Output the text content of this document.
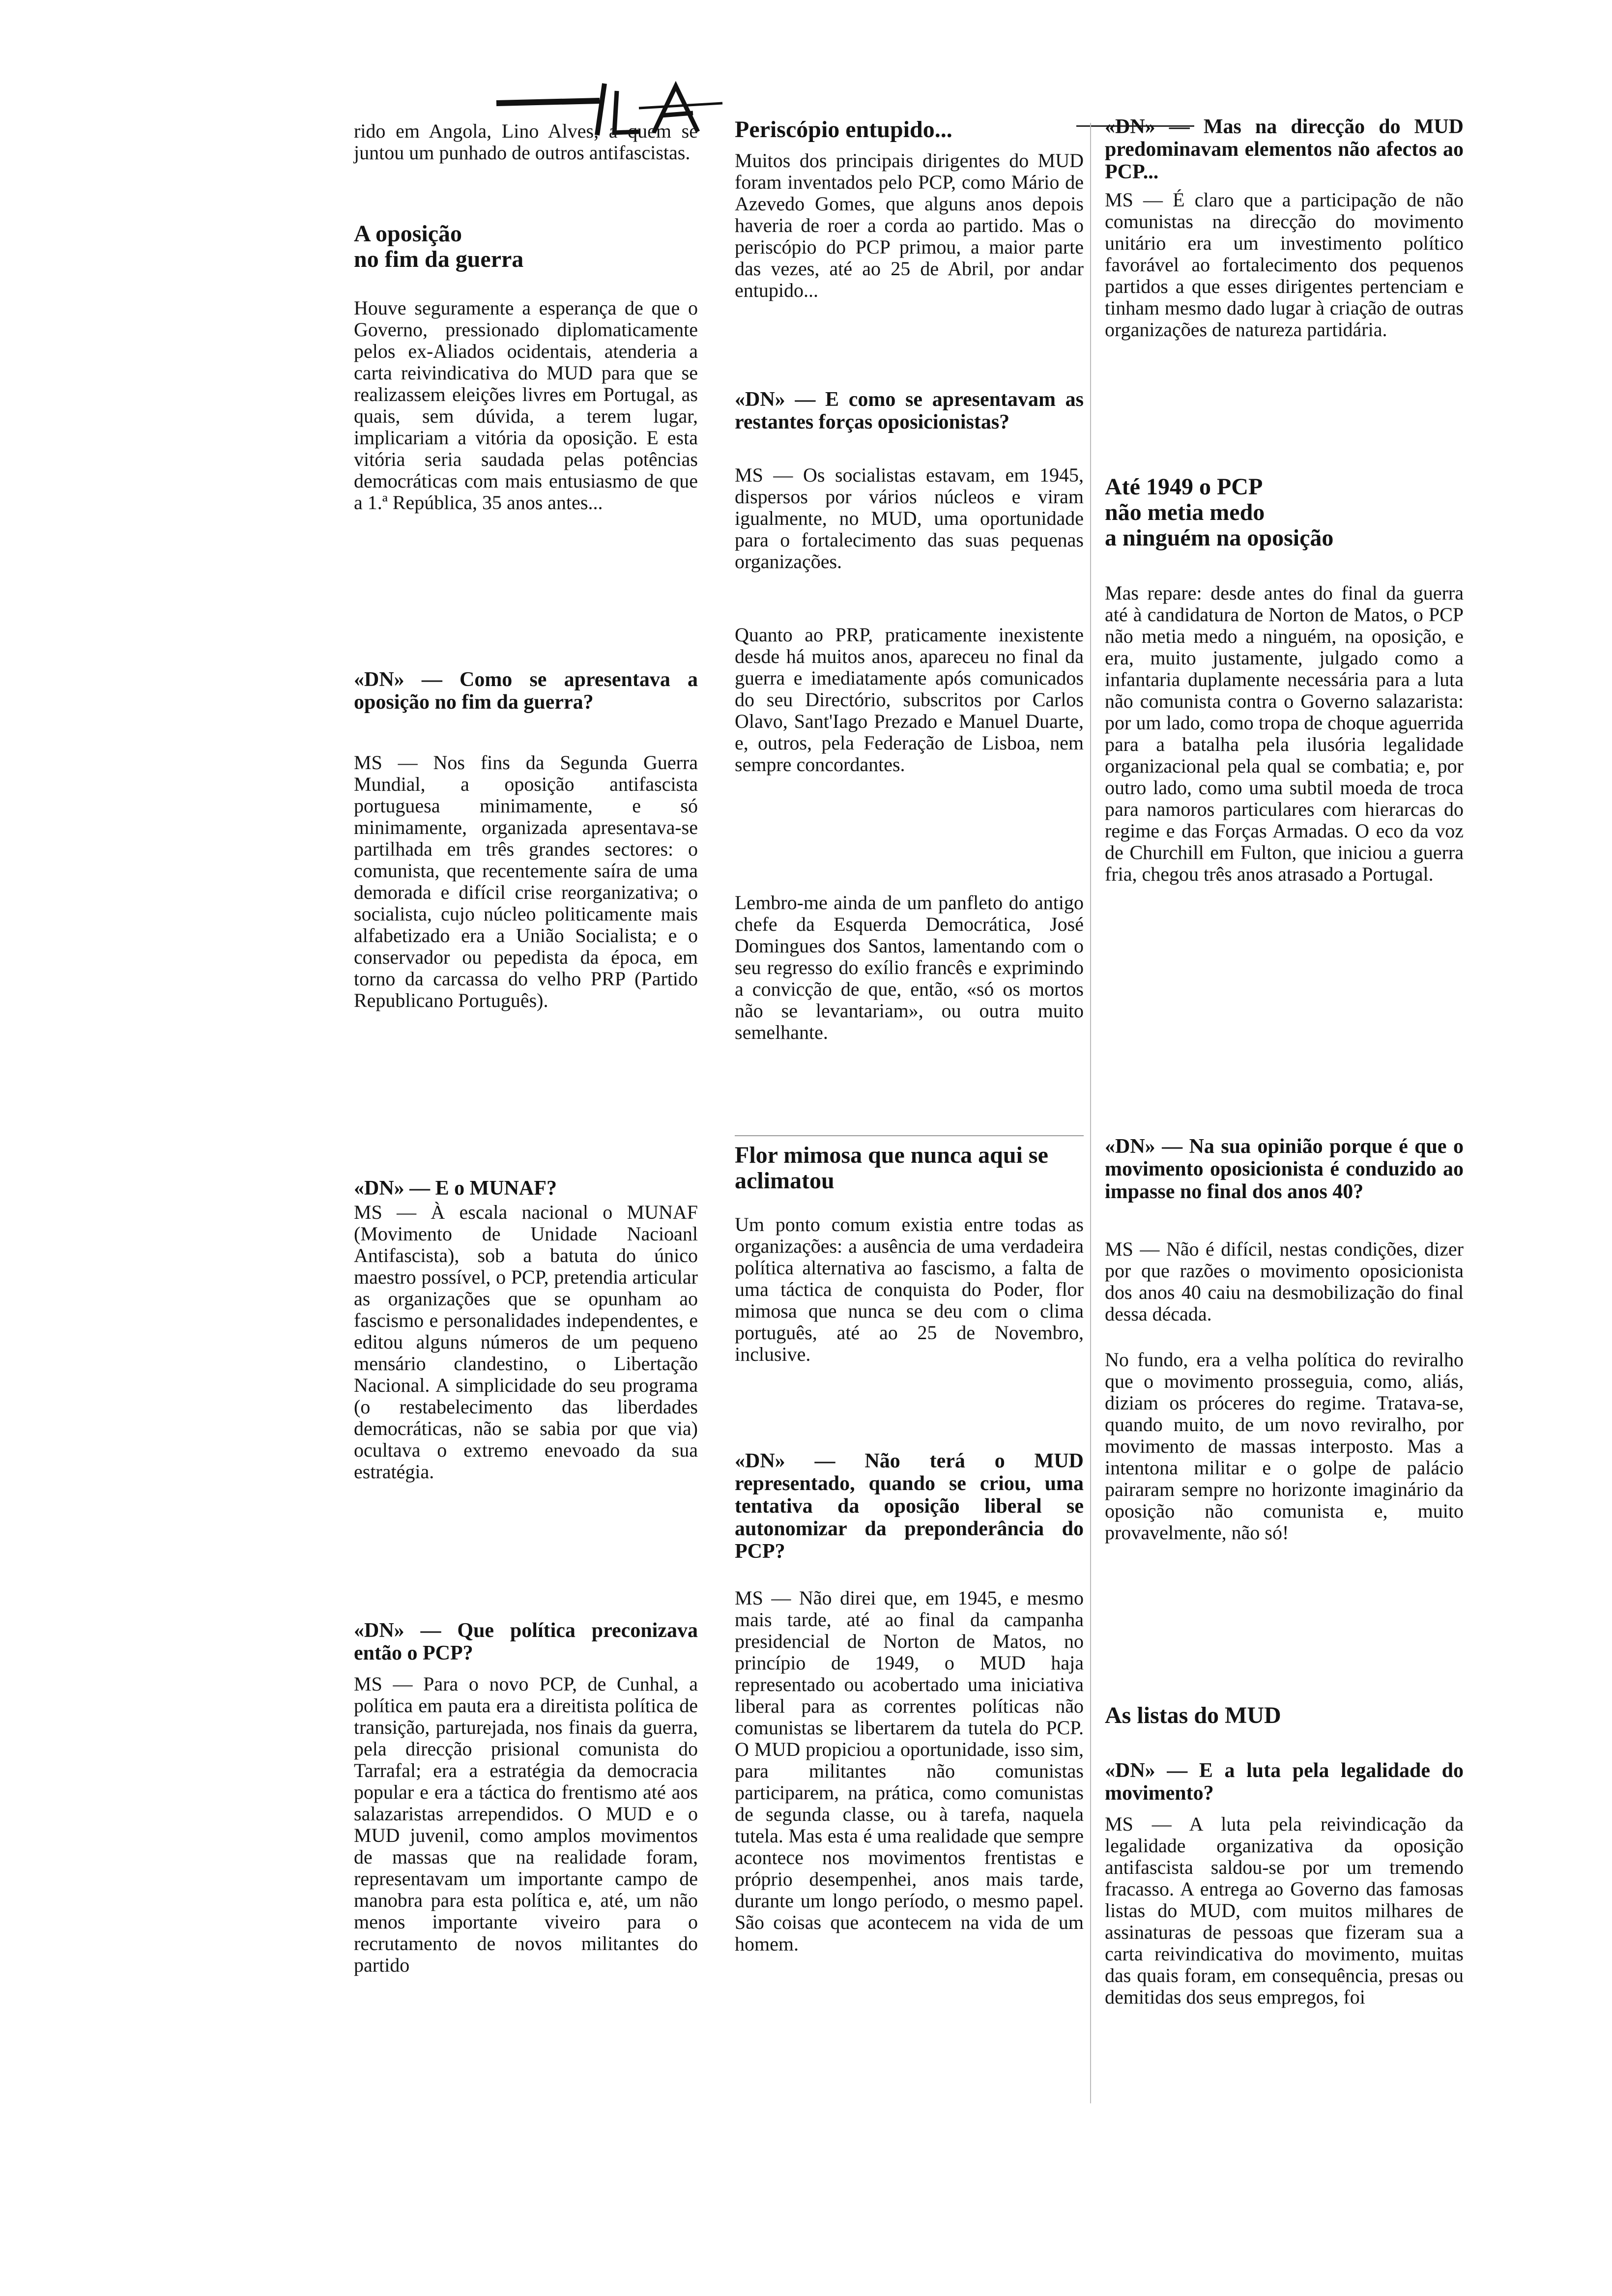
rido em Angola, Lino Alves, a quem se juntou um punhado de outros antifascistas.

A oposição
no fim da guerra

Houve seguramente a esperança de que o Governo, pressionado diplomaticamente pelos ex-Aliados ocidentais, atenderia a carta reivindicativa do MUD para que se realizassem eleições livres em Portugal, as quais, sem dúvida, a terem lugar, implicariam a vitória da oposição. E esta vitória seria saudada pelas potências democráticas com mais entusiasmo de que a 1.ª República, 35 anos antes...

«DN» — Como se apresentava a oposição no fim da guerra?

MS — Nos fins da Segunda Guerra Mundial, a oposição antifascista portuguesa minimamente, e só minimamente, organizada apresentava-se partilhada em três grandes sectores: o comunista, que recentemente saíra de uma demorada e difícil crise reorganizativa; o socialista, cujo núcleo politicamente mais alfabetizado era a União Socialista; e o conservador ou pepedista da época, em torno da carcassa do velho PRP (Partido Republicano Português).

«DN» — E o MUNAF?

MS — À escala nacional o MUNAF (Movimento de Unidade Nacioanl Antifascista), sob a batuta do único maestro possível, o PCP, pretendia articular as organizações que se opunham ao fascismo e personalidades independentes, e editou alguns números de um pequeno mensário clandestino, o Libertação Nacional. A simplicidade do seu programa (o restabelecimento das liberdades democráticas, não se sabia por que via) ocultava o extremo enevoado da sua estratégia.

«DN» — Que política preconizava então o PCP?

MS — Para o novo PCP, de Cunhal, a política em pauta era a direitista política de transição, parturejada, nos finais da guerra, pela direcção prisional comunista do Tarrafal; era a estratégia da democracia popular e era a táctica do frentismo até aos salazaristas arrependidos. O MUD e o MUD juvenil, como amplos movimentos de massas que na realidade foram, representavam um importante campo de manobra para esta política e, até, um não menos importante viveiro para o recrutamento de novos militantes do partido

Periscópio entupido...

Muitos dos principais dirigentes do MUD foram inventados pelo PCP, como Mário de Azevedo Gomes, que alguns anos depois haveria de roer a corda ao partido. Mas o periscópio do PCP primou, a maior parte das vezes, até ao 25 de Abril, por andar entupido...

«DN» — E como se apresentavam as restantes forças oposicionistas?

MS — Os socialistas estavam, em 1945, dispersos por vários núcleos e viram igualmente, no MUD, uma oportunidade para o fortalecimento das suas pequenas organizações.

Quanto ao PRP, praticamente inexistente desde há muitos anos, apareceu no final da guerra e imediatamente após comunicados do seu Directório, subscritos por Carlos Olavo, Sant'Iago Prezado e Manuel Duarte, e, outros, pela Federação de Lisboa, nem sempre concordantes.

Lembro-me ainda de um panfleto do antigo chefe da Esquerda Democrática, José Domingues dos Santos, lamentando com o seu regresso do exílio francês e exprimindo a convicção de que, então, «só os mortos não se levantariam», ou outra muito semelhante.

Flor mimosa que nunca aqui se aclimatou

Um ponto comum existia entre todas as organizações: a ausência de uma verdadeira política alternativa ao fascismo, a falta de uma táctica de conquista do Poder, flor mimosa que nunca se deu com o clima português, até ao 25 de Novembro, inclusive.

«DN» — Não terá o MUD representado, quando se criou, uma tentativa da oposição liberal se autonomizar da preponderância do PCP?

MS — Não direi que, em 1945, e mesmo mais tarde, até ao final da campanha presidencial de Norton de Matos, no princípio de 1949, o MUD haja representado ou acobertado uma iniciativa liberal para as correntes políticas não comunistas se libertarem da tutela do PCP. O MUD propiciou a oportunidade, isso sim, para militantes não comunistas participarem, na prática, como comunistas de segunda classe, ou à tarefa, naquela tutela. Mas esta é uma realidade que sempre acontece nos movimentos frentistas e próprio desempenhei, anos mais tarde, durante um longo período, o mesmo papel. São coisas que acontecem na vida de um homem.

«DN» — Mas na direcção do MUD predominavam elementos não afectos ao PCP...

MS — É claro que a participação de não comunistas na direcção do movimento unitário era um investimento político favorável ao fortalecimento dos pequenos partidos a que esses dirigentes pertenciam e tinham mesmo dado lugar à criação de outras organizações de natureza partidária.

Até 1949 o PCP
não metia medo
a ninguém na oposição

Mas repare: desde antes do final da guerra até à candidatura de Norton de Matos, o PCP não metia medo a ninguém, na oposição, e era, muito justamente, julgado como a infantaria duplamente necessária para a luta não comunista contra o Governo salazarista: por um lado, como tropa de choque aguerrida para a batalha pela ilusória legalidade organizacional pela qual se combatia; e, por outro lado, como uma subtil moeda de troca para namoros particulares com hierarcas do regime e das Forças Armadas. O eco da voz de Churchill em Fulton, que iniciou a guerra fria, chegou três anos atrasado a Portugal.

«DN» — Na sua opinião porque é que o movimento oposicionista é conduzido ao impasse no final dos anos 40?

MS — Não é difícil, nestas condições, dizer por que razões o movimento oposicionista dos anos 40 caiu na desmobilização do final dessa década.

No fundo, era a velha política do reviralho que o movimento prosseguia, como, aliás, diziam os próceres do regime. Tratava-se, quando muito, de um novo reviralho, por movimento de massas interposto. Mas a intentona militar e o golpe de palácio pairaram sempre no horizonte imaginário da oposição não comunista e, muito provavelmente, não só!

As listas do MUD

«DN» — E a luta pela legalidade do movimento?

MS — A luta pela reivindicação da legalidade organizativa da oposição antifascista saldou-se por um tremendo fracasso. A entrega ao Governo das famosas listas do MUD, com muitos milhares de assinaturas de pessoas que fizeram sua a carta reivindicativa do movimento, muitas das quais foram, em consequência, presas ou demitidas dos seus empregos, foi
